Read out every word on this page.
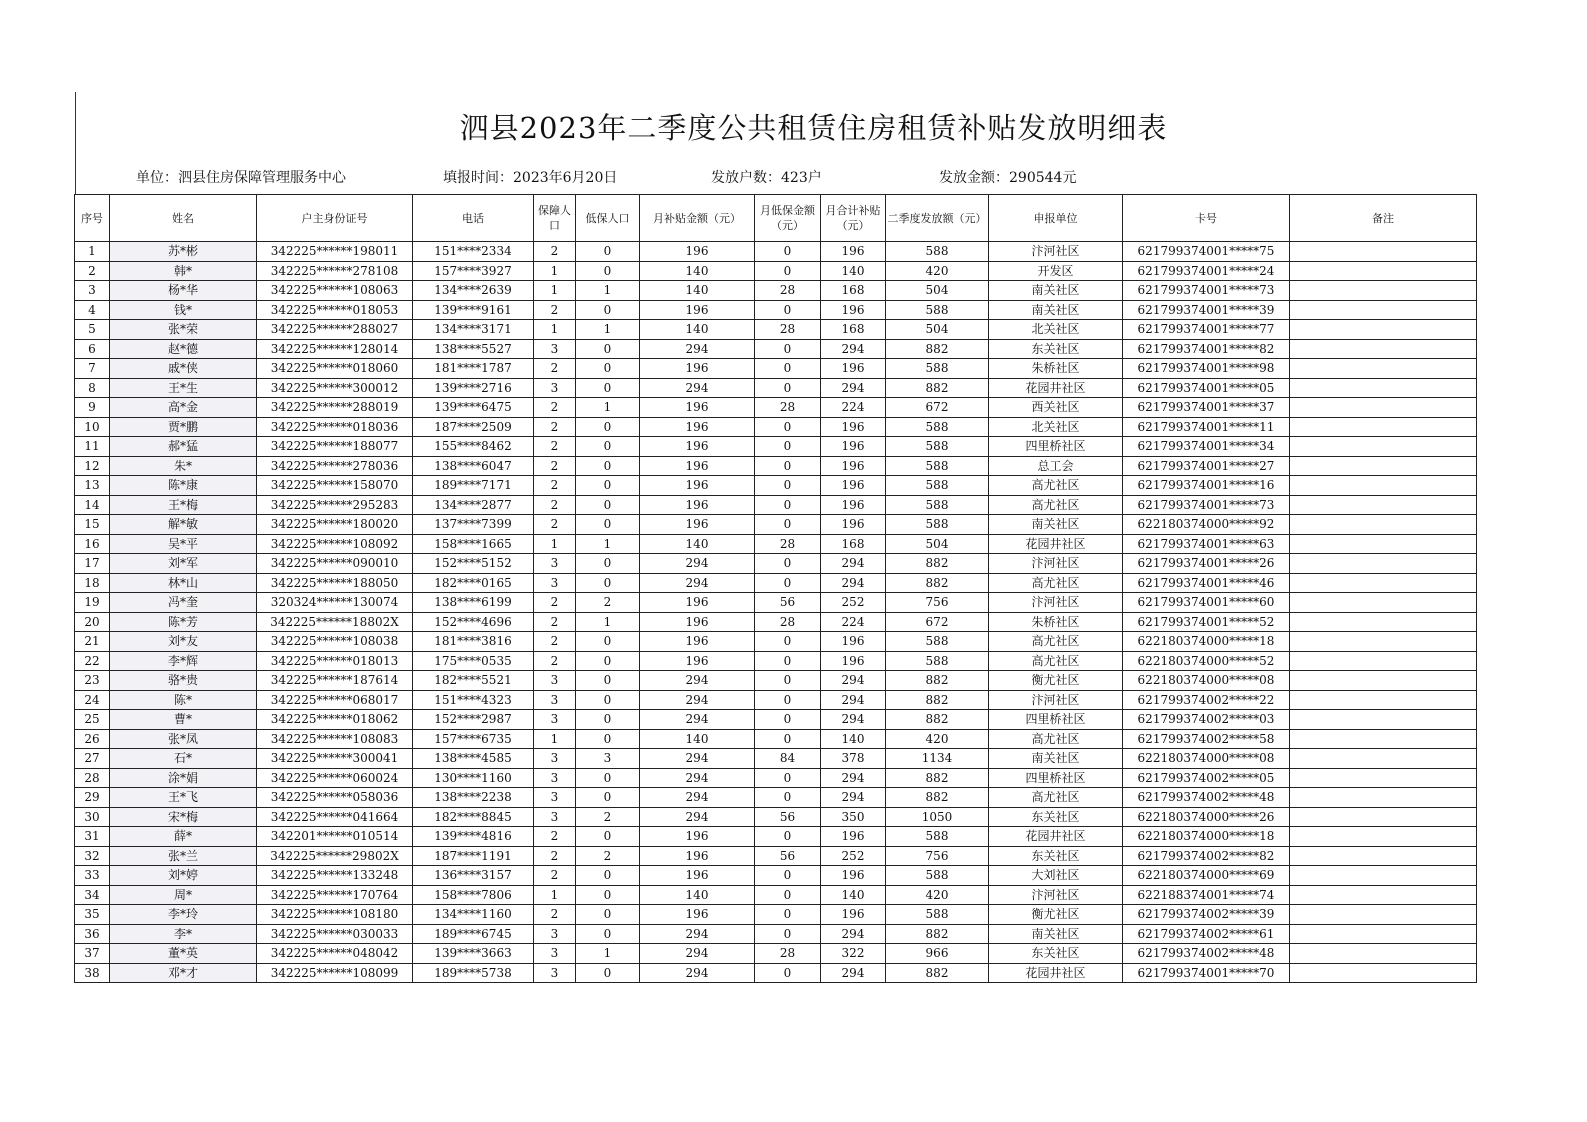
泗县2023年二季度公共租赁住房租赁补贴发放明细表
单位：泗县住房保障管理服务中心	填报时间：2023年6月20日	发放户数：423户	发放金额：290544元
序号	姓名	户主身份证号	电话	保障人口	低保人口	月补贴金额（元）	月低保金额（元）	月合计补贴（元）	二季度发放额（元）	申报单位	卡号	备注
1	苏*彬	342225******198011	151****2334	2	0	196	0	196	588	汴河社区	621799374001*****75	
2	韩*	342225******278108	157****3927	1	0	140	0	140	420	开发区	621799374001*****24	
3	杨*华	342225******108063	134****2639	1	1	140	28	168	504	南关社区	621799374001*****73	
4	钱*	342225******018053	139****9161	2	0	196	0	196	588	南关社区	621799374001*****39	
5	张*荣	342225******288027	134****3171	1	1	140	28	168	504	北关社区	621799374001*****77	
6	赵*德	342225******128014	138****5527	3	0	294	0	294	882	东关社区	621799374001*****82	
7	戚*侠	342225******018060	181****1787	2	0	196	0	196	588	朱桥社区	621799374001*****98	
8	王*生	342225******300012	139****2716	3	0	294	0	294	882	花园井社区	621799374001*****05	
9	高*金	342225******288019	139****6475	2	1	196	28	224	672	西关社区	621799374001*****37	
10	贾*鹏	342225******018036	187****2509	2	0	196	0	196	588	北关社区	621799374001*****11	
11	郝*猛	342225******188077	155****8462	2	0	196	0	196	588	四里桥社区	621799374001*****34	
12	朱*	342225******278036	138****6047	2	0	196	0	196	588	总工会	621799374001*****27	
13	陈*康	342225******158070	189****7171	2	0	196	0	196	588	高尤社区	621799374001*****16	
14	王*梅	342225******295283	134****2877	2	0	196	0	196	588	高尤社区	621799374001*****73	
15	解*敏	342225******180020	137****7399	2	0	196	0	196	588	南关社区	622180374000*****92	
16	吴*平	342225******108092	158****1665	1	1	140	28	168	504	花园井社区	621799374001*****63	
17	刘*军	342225******090010	152****5152	3	0	294	0	294	882	汴河社区	621799374001*****26	
18	林*山	342225******188050	182****0165	3	0	294	0	294	882	高尤社区	621799374001*****46	
19	冯*奎	320324******130074	138****6199	2	2	196	56	252	756	汴河社区	621799374001*****60	
20	陈*芳	342225******18802X	152****4696	2	1	196	28	224	672	朱桥社区	621799374001*****52	
21	刘*友	342225******108038	181****3816	2	0	196	0	196	588	高尤社区	622180374000*****18	
22	李*辉	342225******018013	175****0535	2	0	196	0	196	588	高尤社区	622180374000*****52	
23	骆*贵	342225******187614	182****5521	3	0	294	0	294	882	衡尤社区	622180374000*****08	
24	陈*	342225******068017	151****4323	3	0	294	0	294	882	汴河社区	621799374002*****22	
25	曹*	342225******018062	152****2987	3	0	294	0	294	882	四里桥社区	621799374002*****03	
26	张*凤	342225******108083	157****6735	1	0	140	0	140	420	高尤社区	621799374002*****58	
27	石*	342225******300041	138****4585	3	3	294	84	378	1134	南关社区	622180374000*****08	
28	涂*娟	342225******060024	130****1160	3	0	294	0	294	882	四里桥社区	621799374002*****05	
29	王*飞	342225******058036	138****2238	3	0	294	0	294	882	高尤社区	621799374002*****48	
30	宋*梅	342225******041664	182****8845	3	2	294	56	350	1050	东关社区	622180374000*****26	
31	薛*	342201******010514	139****4816	2	0	196	0	196	588	花园井社区	622180374000*****18	
32	张*兰	342225******29802X	187****1191	2	2	196	56	252	756	东关社区	621799374002*****82	
33	刘*婷	342225******133248	136****3157	2	0	196	0	196	588	大刘社区	622180374000*****69	
34	周*	342225******170764	158****7806	1	0	140	0	140	420	汴河社区	622188374001*****74	
35	李*玲	342225******108180	134****1160	2	0	196	0	196	588	衡尤社区	621799374002*****39	
36	李*	342225******030033	189****6745	3	0	294	0	294	882	南关社区	621799374002*****61	
37	董*英	342225******048042	139****3663	3	1	294	28	322	966	东关社区	621799374002*****48	
38	邓*才	342225******108099	189****5738	3	0	294	0	294	882	花园井社区	621799374001*****70	
